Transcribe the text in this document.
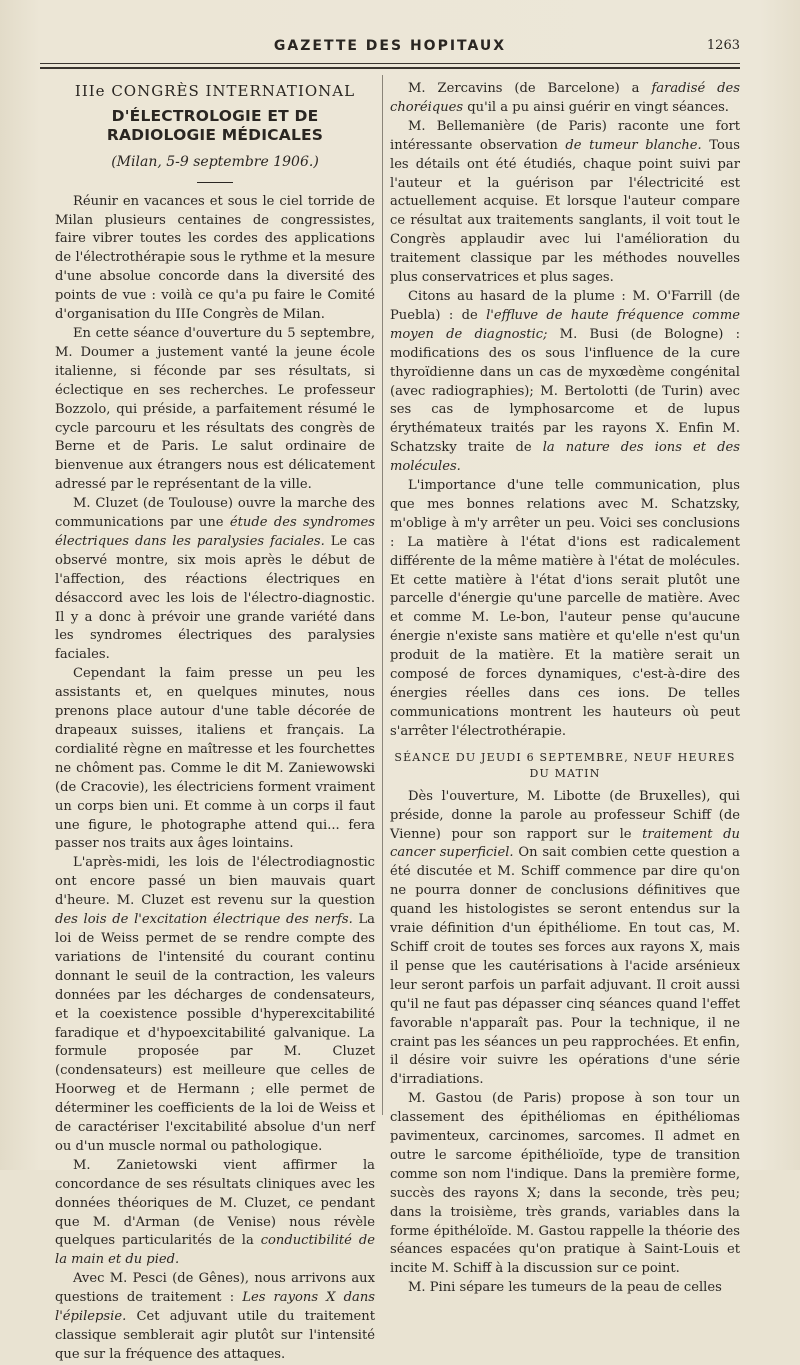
GAZETTE DES HOPITAUX	1263

IIIe CONGRÈS INTERNATIONAL

D'ÉLECTROLOGIE ET DE RADIOLOGIE MÉDICALES

(Milan, 5-9 septembre 1906.)

Réunir en vacances et sous le ciel torride de Milan plusieurs centaines de congressistes, faire vibrer toutes les cordes des applications de l'électrothérapie sous le rythme et la mesure d'une absolue concorde dans la diversité des points de vue : voilà ce qu'a pu faire le Comité d'organisation du IIIe Congrès de Milan.

En cette séance d'ouverture du 5 septembre, M. Doumer a justement vanté la jeune école italienne, si féconde par ses résultats, si éclectique en ses recherches. Le professeur Bozzolo, qui préside, a parfaitement résumé le cycle parcouru et les résultats des congrès de Berne et de Paris. Le salut ordinaire de bienvenue aux étrangers nous est délicatement adressé par le représentant de la ville.

M. Cluzet (de Toulouse) ouvre la marche des communications par une étude des syndromes électriques dans les paralysies faciales. Le cas observé montre, six mois après le début de l'affection, des réactions électriques en désaccord avec les lois de l'électro-diagnostic. Il y a donc à prévoir une grande variété dans les syndromes électriques des paralysies faciales.

Cependant la faim presse un peu les assistants et, en quelques minutes, nous prenons place autour d'une table décorée de drapeaux suisses, italiens et français. La cordialité règne en maîtresse et les fourchettes ne chôment pas. Comme le dit M. Zaniewowski (de Cracovie), les électriciens forment vraiment un corps bien uni. Et comme à un corps il faut une figure, le photographe attend qui... fera passer nos traits aux âges lointains.

L'après-midi, les lois de l'électrodiagnostic ont encore passé un bien mauvais quart d'heure. M. Cluzet est revenu sur la question des lois de l'excitation électrique des nerfs. La loi de Weiss permet de se rendre compte des variations de l'intensité du courant continu donnant le seuil de la contraction, les valeurs données par les décharges de condensateurs, et la coexistence possible d'hyperexcitabilité faradique et d'hypoexcitabilité galvanique. La formule proposée par M. Cluzet (condensateurs) est meilleure que celles de Hoorweg et de Hermann ; elle permet de déterminer les coefficients de la loi de Weiss et de caractériser l'excitabilité absolue d'un nerf ou d'un muscle normal ou pathologique.

M. Zanietowski vient affirmer la concordance de ses résultats cliniques avec les données théoriques de M. Cluzet, ce pendant que M. d'Arman (de Venise) nous révèle quelques particularités de la conductibilité de la main et du pied.

Avec M. Pesci (de Gênes), nous arrivons aux questions de traitement : Les rayons X dans l'épilepsie. Cet adjuvant utile du traitement classique semblerait agir plutôt sur l'intensité que sur la fréquence des attaques.

M. Zercavins (de Barcelone) a faradisé des choréiques qu'il a pu ainsi guérir en vingt séances.

M. Bellemanière (de Paris) raconte une fort intéressante observation de tumeur blanche. Tous les détails ont été étudiés, chaque point suivi par l'auteur et la guérison par l'électricité est actuellement acquise. Et lorsque l'auteur compare ce résultat aux traitements sanglants, il voit tout le Congrès applaudir avec lui l'amélioration du traitement classique par les méthodes nouvelles plus conservatrices et plus sages.

Citons au hasard de la plume : M. O'Farrill (de Puebla) : de l'effluve de haute fréquence comme moyen de diagnostic; M. Busi (de Bologne) : modifications des os sous l'influence de la cure thyroïdienne dans un cas de myxœdème congénital (avec radiographies); M. Bertolotti (de Turin) avec ses cas de lymphosarcome et de lupus érythémateux traités par les rayons X. Enfin M. Schatzsky traite de la nature des ions et des molécules.

L'importance d'une telle communication, plus que mes bonnes relations avec M. Schatzsky, m'oblige à m'y arrêter un peu. Voici ses conclusions : La matière à l'état d'ions est radicalement différente de la même matière à l'état de molécules. Et cette matière à l'état d'ions serait plutôt une parcelle d'énergie qu'une parcelle de matière. Avec et comme M. Le-bon, l'auteur pense qu'aucune énergie n'existe sans matière et qu'elle n'est qu'un produit de la matière. Et la matière serait un composé de forces dynamiques, c'est-à-dire des énergies réelles dans ces ions. De telles communications montrent les hauteurs où peut s'arrêter l'électrothérapie.

SÉANCE DU JEUDI 6 SEPTEMBRE, NEUF HEURES DU MATIN

Dès l'ouverture, M. Libotte (de Bruxelles), qui préside, donne la parole au professeur Schiff (de Vienne) pour son rapport sur le traitement du cancer superficiel. On sait combien cette question a été discutée et M. Schiff commence par dire qu'on ne pourra donner de conclusions définitives que quand les histologistes se seront entendus sur la vraie définition d'un épithéliome. En tout cas, M. Schiff croit de toutes ses forces aux rayons X, mais il pense que les cautérisations à l'acide arsénieux leur seront parfois un parfait adjuvant. Il croit aussi qu'il ne faut pas dépasser cinq séances quand l'effet favorable n'apparaît pas. Pour la technique, il ne craint pas les séances un peu rapprochées. Et enfin, il désire voir suivre les opérations d'une série d'irradiations.

M. Gastou (de Paris) propose à son tour un classement des épithéliomas en épithéliomas pavimenteux, carcinomes, sarcomes. Il admet en outre le sarcome épithélioïde, type de transition comme son nom l'indique. Dans la première forme, succès des rayons X; dans la seconde, très peu; dans la troisième, très grands, variables dans la forme épithéloïde. M. Gastou rappelle la théorie des séances espacées qu'on pratique à Saint-Louis et incite M. Schiff à la discussion sur ce point.

M. Pini sépare les tumeurs de la peau de celles
